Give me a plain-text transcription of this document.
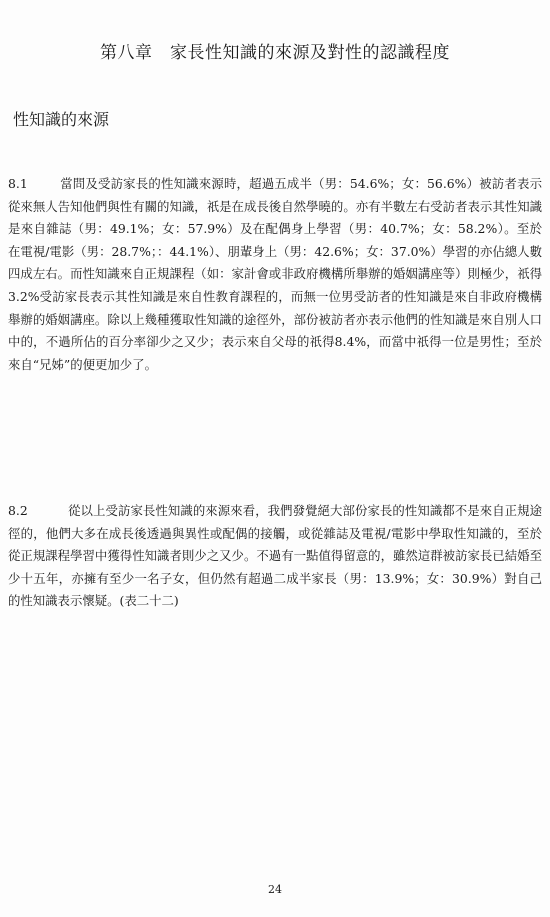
第八章　家長性知識的來源及對性的認識程度
性知識的來源
8.1	當問及受訪家長的性知識來源時，超過五成半（男：54.6%；女：56.6%）被訪者表示從來無人告知他們與性有關的知識，祇是在成長後自然學曉的。亦有半數左右受訪者表示其性知識是來自雜誌（男：49.1%；女：57.9%）及在配偶身上學習（男：40.7%；女：58.2%）。至於在電視/電影（男：28.7%；：44.1%）、朋輩身上（男：42.6%；女：37.0%）學習的亦佔總人數四成左右。而性知識來自正規課程（如：家計會或非政府機構所舉辦的婚姻講座等）則極少，祇得3.2%受訪家長表示其性知識是來自性教育課程的，而無一位男受訪者的性知識是來自非政府機構舉辦的婚姻講座。除以上幾種獲取性知識的途徑外，部份被訪者亦表示他們的性知識是來自別人口中的，不過所佔的百分率卻少之又少；表示來自父母的祇得8.4%，而當中祇得一位是男性；至於來自“兄姊”的便更加少了。
8.2	從以上受訪家長性知識的來源來看，我們發覺絕大部份家長的性知識都不是來自正規途徑的，他們大多在成長後透過與異性或配偶的接觸，或從雜誌及電視/電影中學取性知識的，至於從正規課程學習中獲得性知識者則少之又少。不過有一點值得留意的，雖然這群被訪家長已結婚至少十五年，亦擁有至少一名子女，但仍然有超過二成半家長（男：13.9%；女：30.9%）對自己的性知識表示懷疑。(表二十二)
24
